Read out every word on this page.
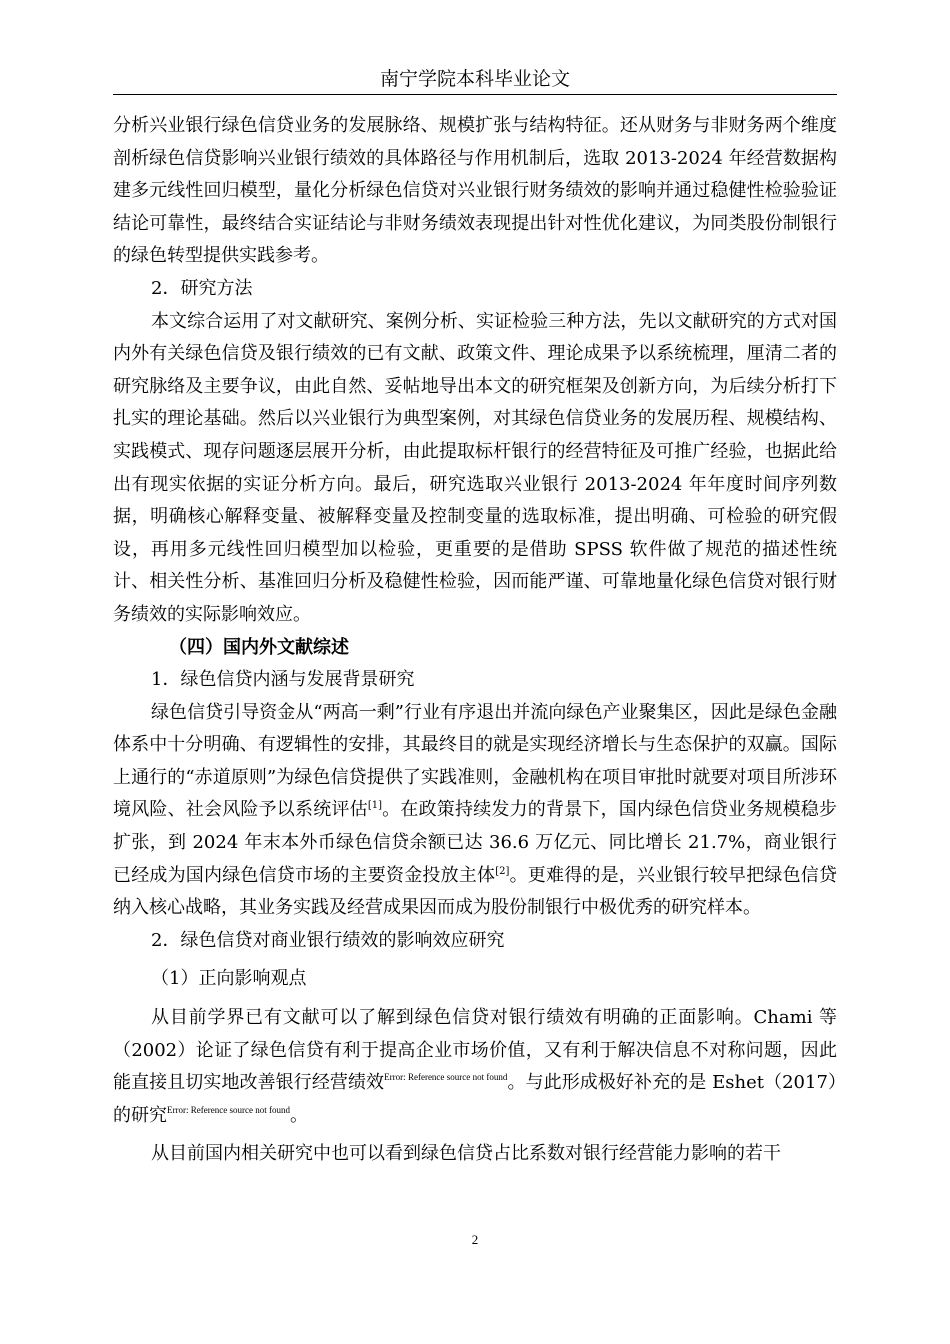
南宁学院本科毕业论文

分析兴业银行绿色信贷业务的发展脉络、规模扩张与结构特征。还从财务与非财务两个维度剖析绿色信贷影响兴业银行绩效的具体路径与作用机制后，选取 2013-2024 年经营数据构建多元线性回归模型，量化分析绿色信贷对兴业银行财务绩效的影响并通过稳健性检验验证结论可靠性，最终结合实证结论与非财务绩效表现提出针对性优化建议，为同类股份制银行的绿色转型提供实践参考。

2．研究方法

本文综合运用了对文献研究、案例分析、实证检验三种方法，先以文献研究的方式对国内外有关绿色信贷及银行绩效的已有文献、政策文件、理论成果予以系统梳理，厘清二者的研究脉络及主要争议，由此自然、妥帖地导出本文的研究框架及创新方向，为后续分析打下扎实的理论基础。然后以兴业银行为典型案例，对其绿色信贷业务的发展历程、规模结构、实践模式、现存问题逐层展开分析，由此提取标杆银行的经营特征及可推广经验，也据此给出有现实依据的实证分析方向。最后，研究选取兴业银行 2013-2024 年年度时间序列数据，明确核心解释变量、被解释变量及控制变量的选取标准，提出明确、可检验的研究假设，再用多元线性回归模型加以检验，更重要的是借助 SPSS 软件做了规范的描述性统计、相关性分析、基准回归分析及稳健性检验，因而能严谨、可靠地量化绿色信贷对银行财务绩效的实际影响效应。

（四）国内外文献综述

1．绿色信贷内涵与发展背景研究

绿色信贷引导资金从“两高一剩”行业有序退出并流向绿色产业聚集区，因此是绿色金融体系中十分明确、有逻辑性的安排，其最终目的就是实现经济增长与生态保护的双赢。国际上通行的“赤道原则”为绿色信贷提供了实践准则，金融机构在项目审批时就要对项目所涉环境风险、社会风险予以系统评估[1]。在政策持续发力的背景下，国内绿色信贷业务规模稳步扩张，到 2024 年末本外币绿色信贷余额已达 36.6 万亿元、同比增长 21.7%，商业银行已经成为国内绿色信贷市场的主要资金投放主体[2]。更难得的是，兴业银行较早把绿色信贷纳入核心战略，其业务实践及经营成果因而成为股份制银行中极优秀的研究样本。

2．绿色信贷对商业银行绩效的影响效应研究

（1）正向影响观点

从目前学界已有文献可以了解到绿色信贷对银行绩效有明确的正面影响。Chami 等（2002）论证了绿色信贷有利于提高企业市场价值，又有利于解决信息不对称问题，因此能直接且切实地改善银行经营绩效$^{Error: Reference source not found}$。与此形成极好补充的是 Eshet（2017）的研究$^{Error: Reference source not found}$。

从目前国内相关研究中也可以看到绿色信贷占比系数对银行经营能力影响的若干

2
